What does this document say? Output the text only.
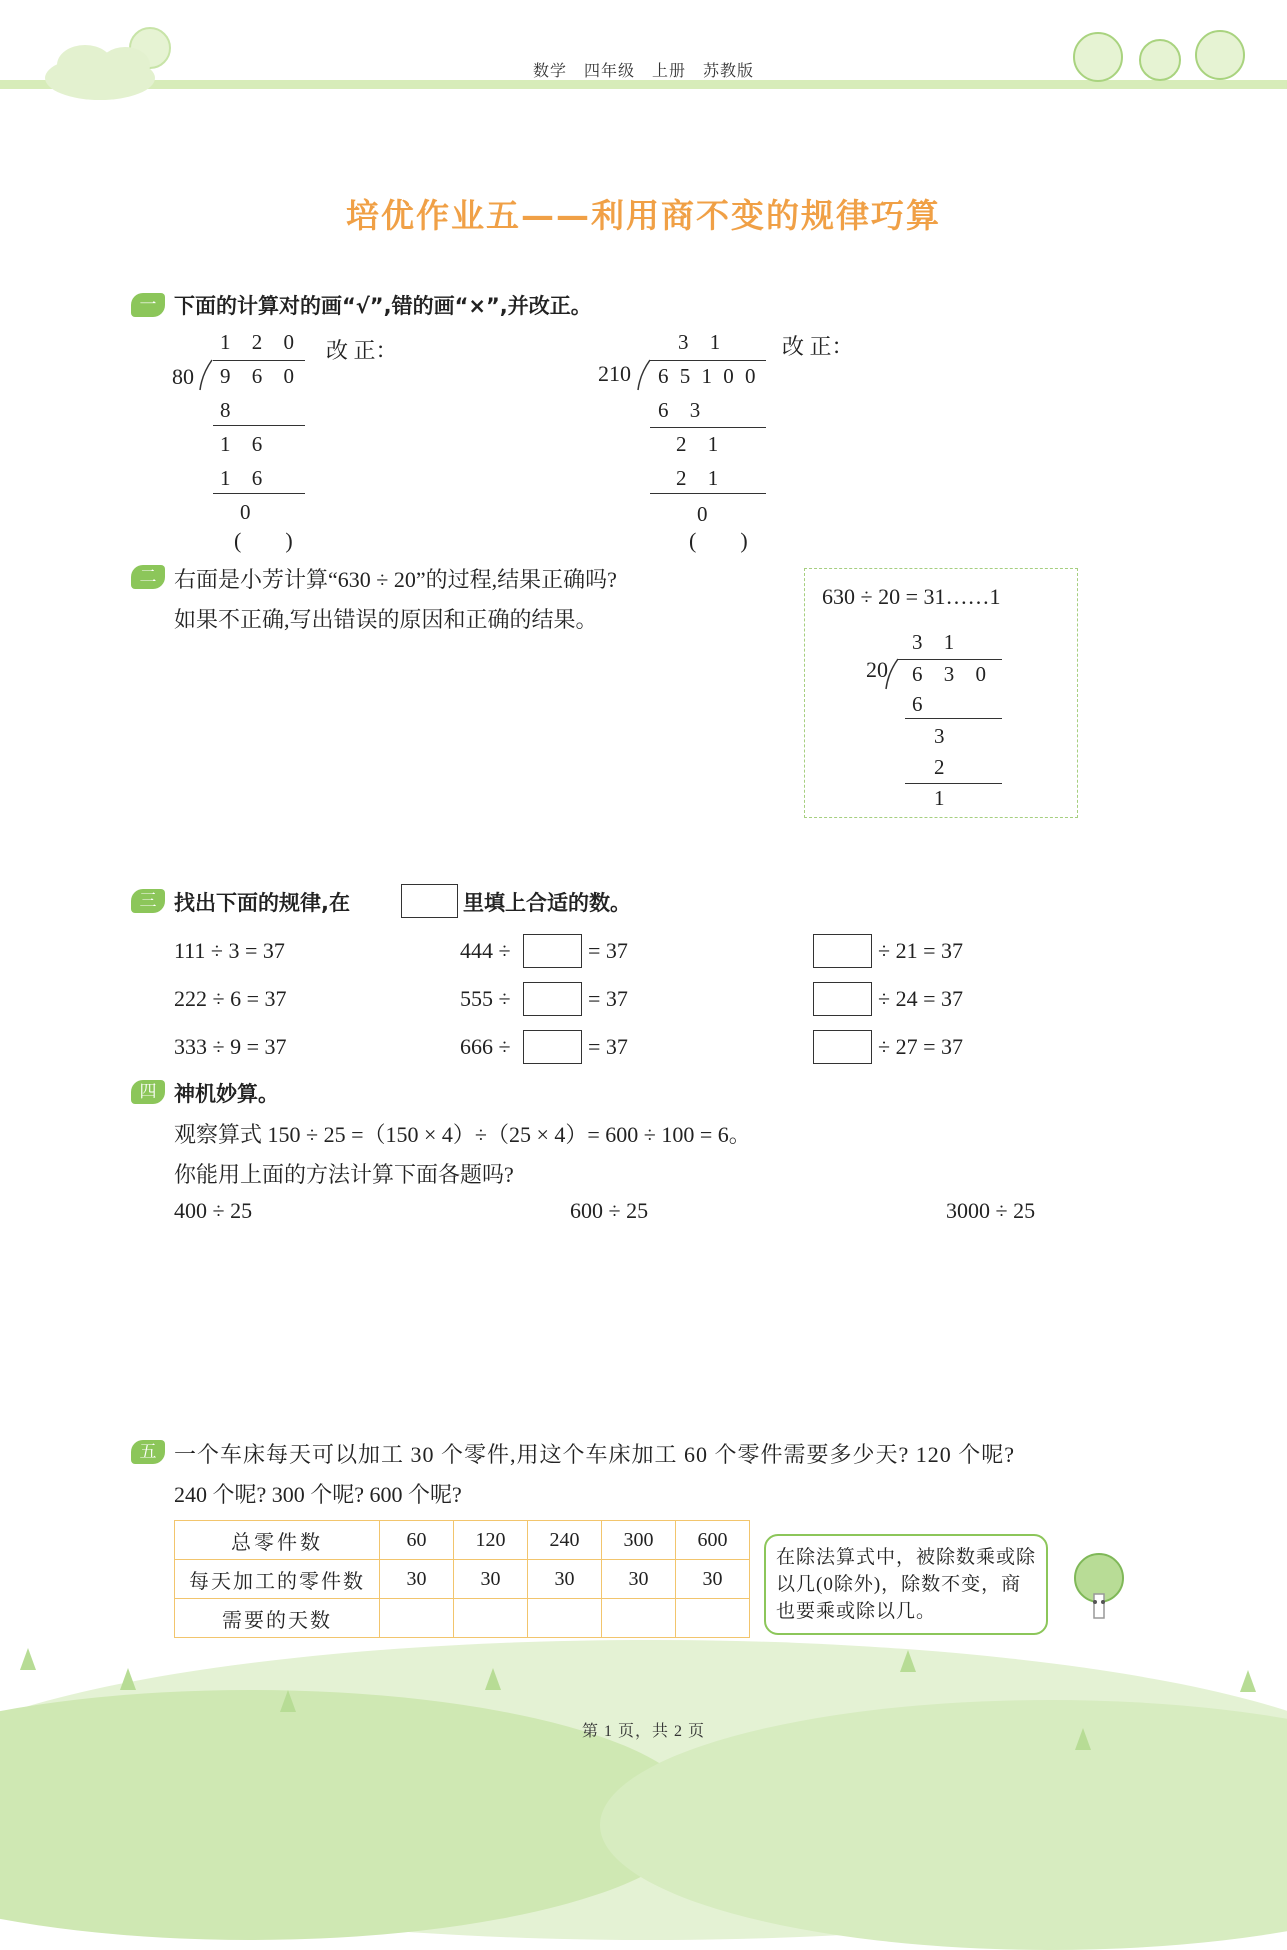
数学　四年级　上册　苏教版
培优作业五——利用商不变的规律巧算
一 下面的计算对的画“√”,错的画“×”,并改正。
1 2 0
80 9 6 0
8
1 6
1 6
0
(　　)
改 正：	3 1
210 6 5 1 0 0
6 3
2 1
2 1
0
(　　)
改 正：
二 右面是小芳计算“630 ÷ 20”的过程,结果正确吗?
如果不正确,写出错误的原因和正确的结果。
630 ÷ 20 = 31……1
3 1
20 6 3 0
6
3
2
1
三 找出下面的规律,在	里填上合适的数。
111 ÷ 3 = 37
222 ÷ 6 = 37
333 ÷ 9 = 37
444 ÷	= 37
555 ÷	= 37
666 ÷	= 37
÷ 21 = 37
÷ 24 = 37
÷ 27 = 37
四 神机妙算。
观察算式 150 ÷ 25 =（150 × 4）÷（25 × 4）= 600 ÷ 100 = 6。
你能用上面的方法计算下面各题吗?
400 ÷ 25	600 ÷ 25	3000 ÷ 25
五 一个车床每天可以加工 30 个零件,用这个车床加工 60 个零件需要多少天? 120 个呢?
240 个呢? 300 个呢? 600 个呢?
总零件数	60	120	240	300	600
每天加工的零件数	30	30	30	30	30
需要的天数					
在除法算式中，被除数乘或除以几(0除外)，除数不变，商也要乘或除以几。
第 1 页，共 2 页
